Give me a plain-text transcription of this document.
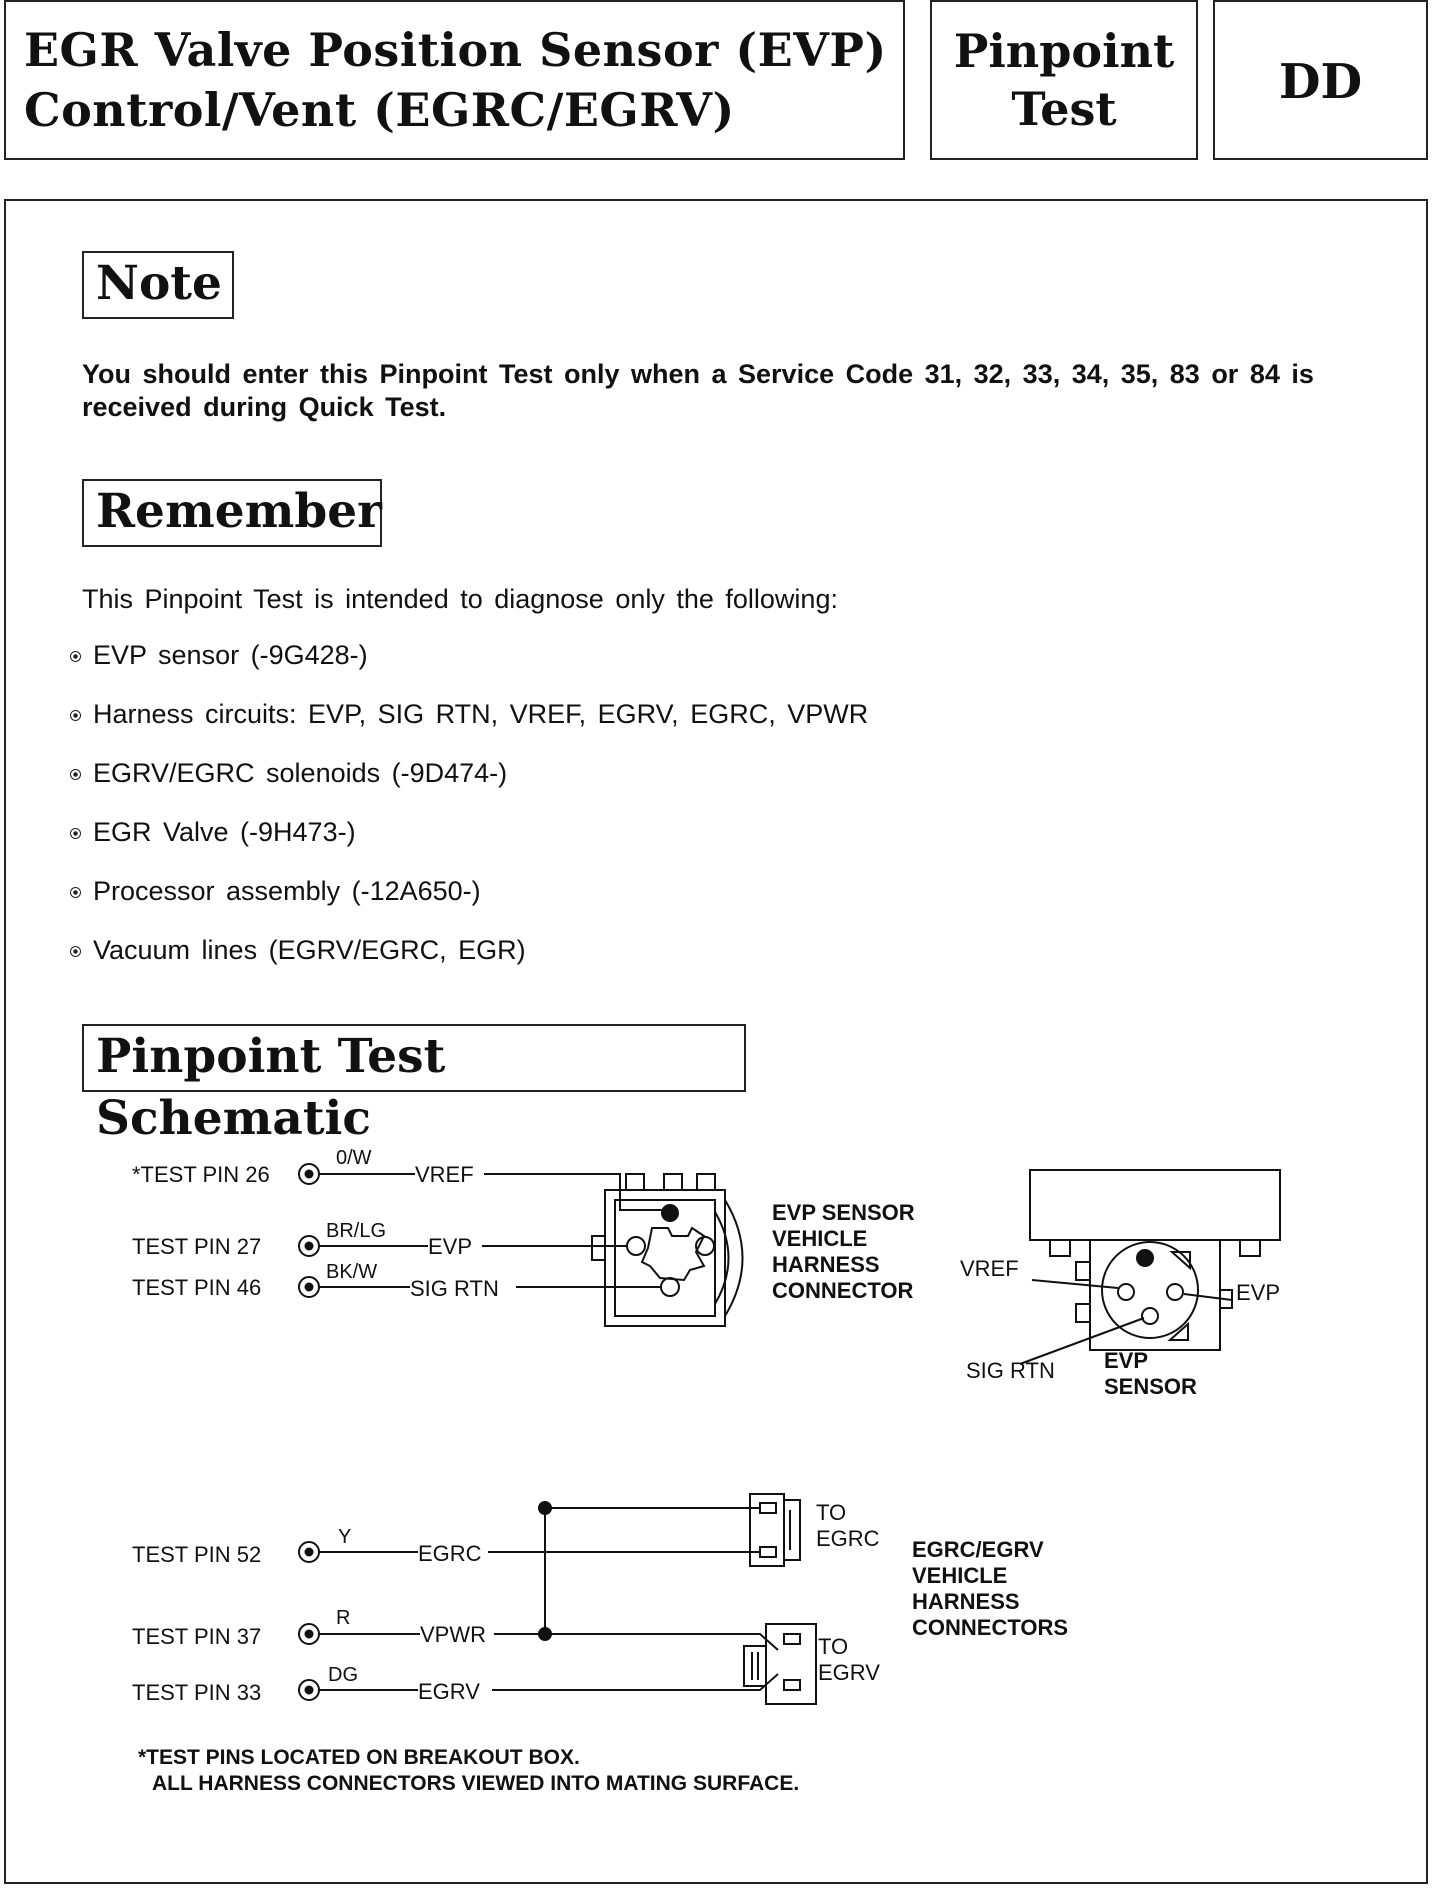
EGR Valve Position Sensor (EVP)
Control/Vent (EGRC/EGRV)
Pinpoint
Test	DD
Note
You should enter this Pinpoint Test only when a Service Code 31, 32, 33, 34, 35, 83 or 84 is received during Quick Test.
Remember
This Pinpoint Test is intended to diagnose only the following:
EVP sensor (-9G428-)
Harness circuits: EVP, SIG RTN, VREF, EGRV, EGRC, VPWR
EGRV/EGRC solenoids (-9D474-)
EGR Valve (-9H473-)
Processor assembly (-12A650-)
Vacuum lines (EGRV/EGRC, EGR)
Pinpoint Test Schematic
*TEST PIN 26
0/W
VREF
TEST PIN 27
BR/LG
EVP
TEST PIN 46
BK/W
SIG RTN
EVP SENSOR
VEHICLE
HARNESS
CONNECTOR
VREF
EVP
SIG RTN EVP
SENSOR
TEST PIN 52
Y
EGRC
TEST PIN 37
R
VPWR
TEST PIN 33
DG
EGRV
TO
EGRC
TO
EGRV
EGRC/EGRV
VEHICLE
HARNESS
CONNECTORS
*TEST PINS LOCATED ON BREAKOUT BOX.
ALL HARNESS CONNECTORS VIEWED INTO MATING SURFACE.
